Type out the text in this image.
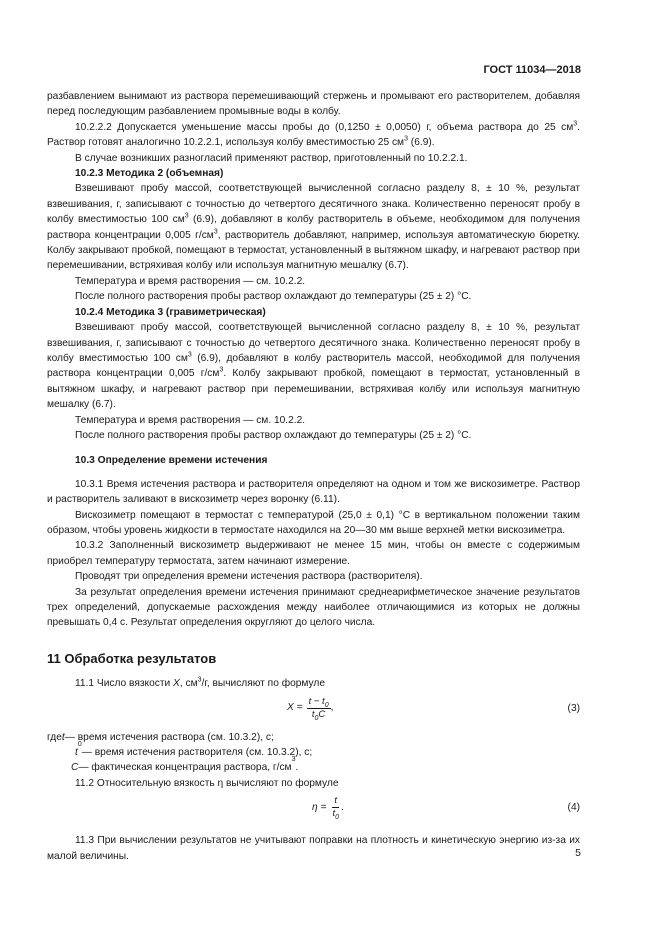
ГОСТ 11034—2018

разбавлением вынимают из раствора перемешивающий стержень и промывают его растворителем, добавляя перед последующим разбавлением промывные воды в колбу.

10.2.2.2 Допускается уменьшение массы пробы до (0,1250 ± 0,0050) г, объема раствора до 25 $см^3$. Раствор готовят аналогично 10.2.2.1, используя колбу вместимостью 25 $см^3$ (6.9).

В случае возникших разногласий применяют раствор, приготовленный по 10.2.2.1.

10.2.3 Методика 2 (объемная)

Взвешивают пробу массой, соответствующей вычисленной согласно разделу 8, ± 10 %, результат взвешивания, г, записывают с точностью до четвертого десятичного знака. Количественно переносят пробу в колбу вместимостью 100 $см^3$ (6.9), добавляют в колбу растворитель в объеме, необходимом для получения раствора концентрации 0,005 $г/см^3$, растворитель добавляют, например, используя автоматическую бюретку. Колбу закрывают пробкой, помещают в термостат, установленный в вытяжном шкафу, и нагревают раствор при перемешивании, встряхивая колбу или используя магнитную мешалку (6.7).

Температура и время растворения — см. 10.2.2.

После полного растворения пробы раствор охлаждают до температуры (25 ± 2) °С.

10.2.4 Методика 3 (гравиметрическая)

Взвешивают пробу массой, соответствующей вычисленной согласно разделу 8, ± 10 %, результат взвешивания, г, записывают с точностью до четвертого десятичного знака. Количественно переносят пробу в колбу вместимостью 100 $см^3$ (6.9), добавляют в колбу растворитель массой, необходимой для получения раствора концентрации 0,005 $г/см^3$. Колбу закрывают пробкой, помещают в термостат, установленный в вытяжном шкафу, и нагревают раствор при перемешивании, встряхивая колбу или используя магнитную мешалку (6.7).

Температура и время растворения — см. 10.2.2.

После полного растворения пробы раствор охлаждают до температуры (25 ± 2) °С.

10.3 Определение времени истечения

10.3.1 Время истечения раствора и растворителя определяют на одном и том же вискозиметре. Раствор и растворитель заливают в вискозиметр через воронку (6.11).

Вискозиметр помещают в термостат с температурой (25,0 ± 0,1) °С в вертикальном положении таким образом, чтобы уровень жидкости в термостате находился на 20—30 мм выше верхней метки вискозиметра.

10.3.2 Заполненный вискозиметр выдерживают не менее 15 мин, чтобы он вместе с содержимым приобрел температуру термостата, затем начинают измерение.

Проводят три определения времени истечения раствора (растворителя).

За результат определения времени истечения принимают среднеарифметическое значение результатов трех определений, допускаемые расхождения между наиболее отличающимися из которых не должны превышать 0,4 с. Результат определения округляют до целого числа.

11 Обработка результатов

11.1 Число вязкости X, $см^3/г$, вычисляют по формуле

$X = \frac{t - t_0}{t_0C}$ ,	(3)
где t — время истечения раствора (см. 10.3.2), с;
t
0
— время истечения растворителя (см. 10.3.2), с;
C — фактическая концентрация раствора, г/см
3
.

11.2 Относительную вязкость η вычисляют по формуле

$\eta = \frac{t}{t_0}$ .	(4)

11.3 При вычислении результатов не учитывают поправки на плотность и кинетическую энергию из-за их малой величины.	5
